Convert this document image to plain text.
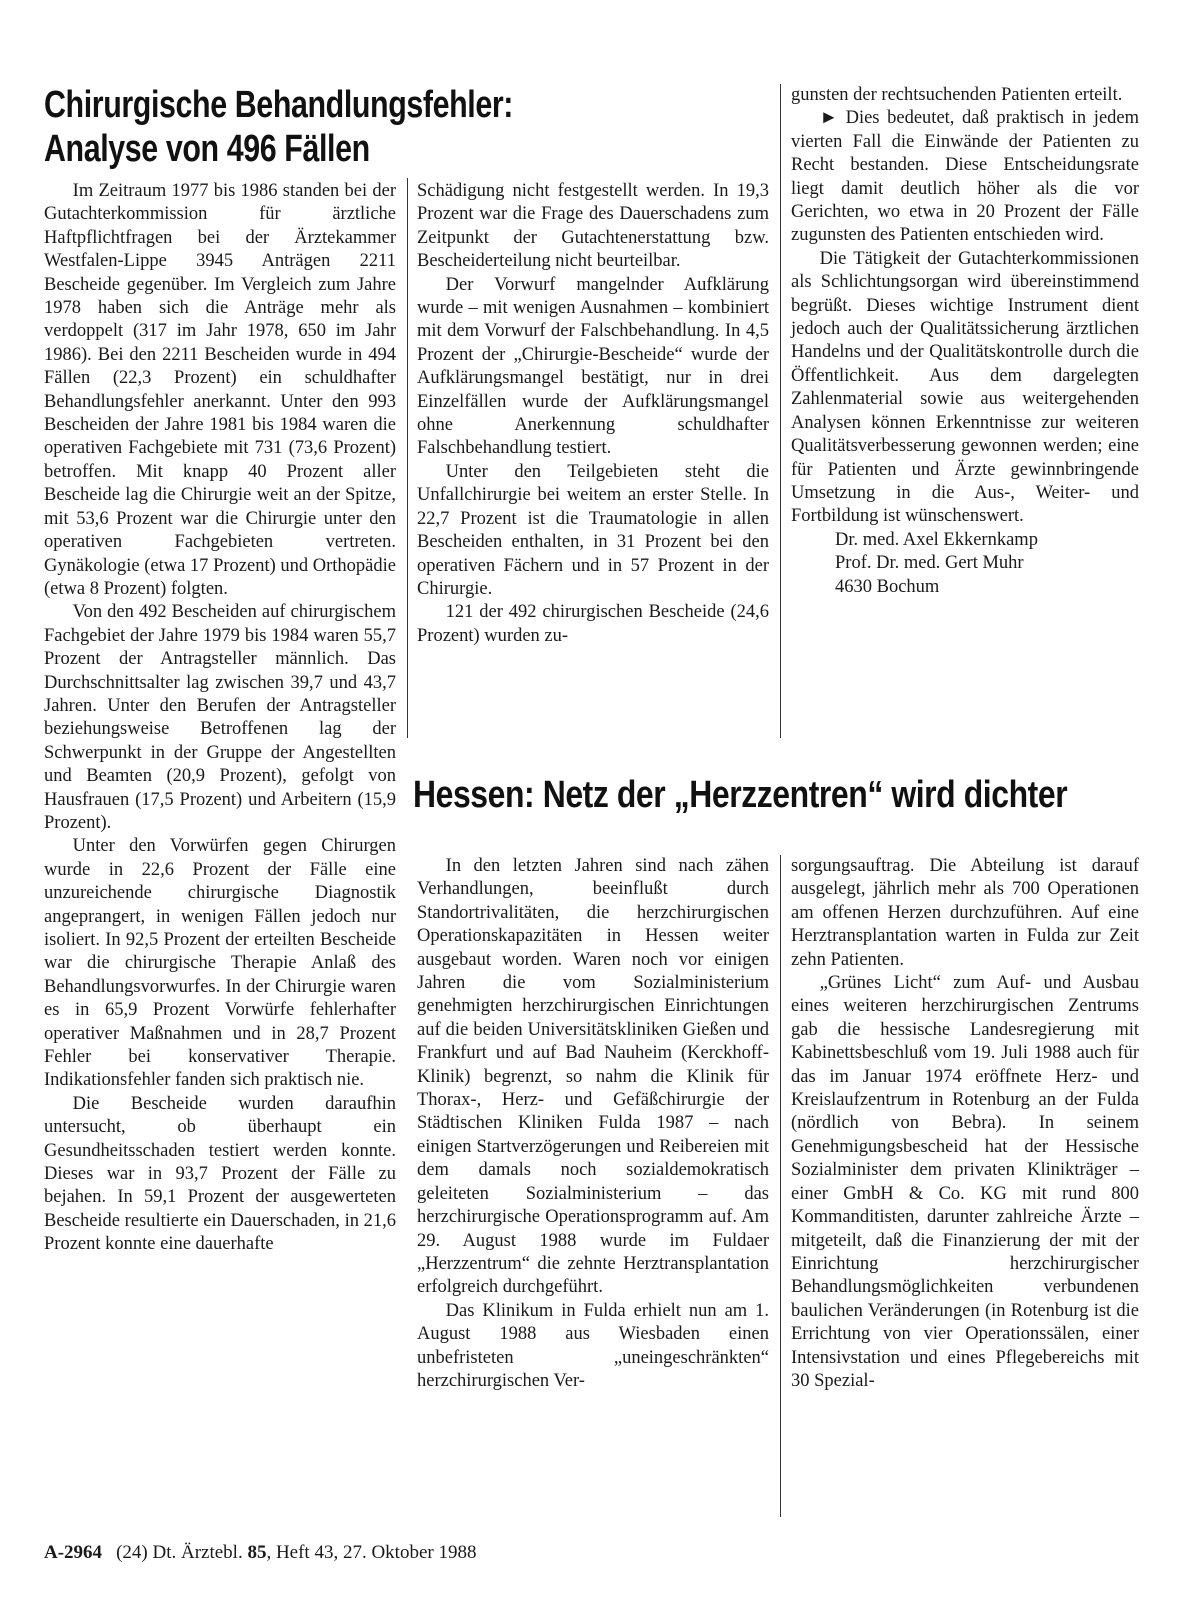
Chirurgische Behandlungsfehler:
Analyse von 496 Fällen

Im Zeitraum 1977 bis 1986 standen bei der Gutachterkommission für ärztliche Haftpflichtfragen bei der Ärztekammer Westfalen-Lippe 3945 Anträgen 2211 Bescheide gegenüber. Im Vergleich zum Jahre 1978 haben sich die Anträge mehr als verdoppelt (317 im Jahr 1978, 650 im Jahr 1986). Bei den 2211 Bescheiden wurde in 494 Fällen (22,3 Prozent) ein schuldhafter Behandlungsfehler anerkannt. Unter den 993 Bescheiden der Jahre 1981 bis 1984 waren die operativen Fachgebiete mit 731 (73,6 Prozent) betroffen. Mit knapp 40 Prozent aller Bescheide lag die Chirurgie weit an der Spitze, mit 53,6 Prozent war die Chirurgie unter den operativen Fachgebieten vertreten. Gynäkologie (etwa 17 Prozent) und Orthopädie (etwa 8 Prozent) folgten.

Von den 492 Bescheiden auf chirurgischem Fachgebiet der Jahre 1979 bis 1984 waren 55,7 Prozent der Antragsteller männlich. Das Durchschnittsalter lag zwischen 39,7 und 43,7 Jahren. Unter den Berufen der Antragsteller beziehungsweise Betroffenen lag der Schwerpunkt in der Gruppe der Angestellten und Beamten (20,9 Prozent), gefolgt von Hausfrauen (17,5 Prozent) und Arbeitern (15,9 Prozent).

Unter den Vorwürfen gegen Chirurgen wurde in 22,6 Prozent der Fälle eine unzureichende chirurgische Diagnostik angeprangert, in wenigen Fällen jedoch nur isoliert. In 92,5 Prozent der erteilten Bescheide war die chirurgische Therapie Anlaß des Behandlungsvorwurfes. In der Chirurgie waren es in 65,9 Prozent Vorwürfe fehlerhafter operativer Maßnahmen und in 28,7 Prozent Fehler bei konservativer Therapie. Indikationsfehler fanden sich praktisch nie.

Die Bescheide wurden daraufhin untersucht, ob überhaupt ein Gesundheitsschaden testiert werden konnte. Dieses war in 93,7 Prozent der Fälle zu bejahen. In 59,1 Prozent der ausgewerteten Bescheide resultierte ein Dauerschaden, in 21,6 Prozent konnte eine dauerhafte

Schädigung nicht festgestellt werden. In 19,3 Prozent war die Frage des Dauerschadens zum Zeitpunkt der Gutachtenerstattung bzw. Bescheiderteilung nicht beurteilbar.

Der Vorwurf mangelnder Aufklärung wurde – mit wenigen Ausnahmen – kombiniert mit dem Vorwurf der Falschbehandlung. In 4,5 Prozent der „Chirurgie-Bescheide“ wurde der Aufklärungsmangel bestätigt, nur in drei Einzelfällen wurde der Aufklärungsmangel ohne Anerkennung schuldhafter Falschbehandlung testiert.

Unter den Teilgebieten steht die Unfallchirurgie bei weitem an erster Stelle. In 22,7 Prozent ist die Traumatologie in allen Bescheiden enthalten, in 31 Prozent bei den operativen Fächern und in 57 Prozent in der Chirurgie.

121 der 492 chirurgischen Bescheide (24,6 Prozent) wurden zu-

gunsten der rechtsuchenden Patienten erteilt.

► Dies bedeutet, daß praktisch in jedem vierten Fall die Einwände der Patienten zu Recht bestanden. Diese Entscheidungsrate liegt damit deutlich höher als die vor Gerichten, wo etwa in 20 Prozent der Fälle zugunsten des Patienten entschieden wird.

Die Tätigkeit der Gutachterkommissionen als Schlichtungsorgan wird übereinstimmend begrüßt. Dieses wichtige Instrument dient jedoch auch der Qualitätssicherung ärztlichen Handelns und der Qualitätskontrolle durch die Öffentlichkeit. Aus dem dargelegten Zahlenmaterial sowie aus weitergehenden Analysen können Erkenntnisse zur weiteren Qualitätsverbesserung gewonnen werden; eine für Patienten und Ärzte gewinnbringende Umsetzung in die Aus-, Weiter- und Fortbildung ist wünschenswert.

Dr. med. Axel Ekkernkamp

Prof. Dr. med. Gert Muhr

4630 Bochum

Hessen: Netz der „Herzzentren“ wird dichter

In den letzten Jahren sind nach zähen Verhandlungen, beeinflußt durch Standortrivalitäten, die herzchirurgischen Operationskapazitäten in Hessen weiter ausgebaut worden. Waren noch vor einigen Jahren die vom Sozialministerium genehmigten herzchirurgischen Einrichtungen auf die beiden Universitätskliniken Gießen und Frankfurt und auf Bad Nauheim (Kerckhoff-Klinik) begrenzt, so nahm die Klinik für Thorax-, Herz- und Gefäßchirurgie der Städtischen Kliniken Fulda 1987 – nach einigen Startverzögerungen und Reibereien mit dem damals noch sozialdemokratisch geleiteten Sozialministerium – das herzchirurgische Operationsprogramm auf. Am 29. August 1988 wurde im Fuldaer „Herzzentrum“ die zehnte Herztransplantation erfolgreich durchgeführt.

Das Klinikum in Fulda erhielt nun am 1. August 1988 aus Wiesbaden einen unbefristeten „uneingeschränkten“ herzchirurgischen Ver-

sorgungsauftrag. Die Abteilung ist darauf ausgelegt, jährlich mehr als 700 Operationen am offenen Herzen durchzuführen. Auf eine Herztransplantation warten in Fulda zur Zeit zehn Patienten.

„Grünes Licht“ zum Auf- und Ausbau eines weiteren herzchirurgischen Zentrums gab die hessische Landesregierung mit Kabinettsbeschluß vom 19. Juli 1988 auch für das im Januar 1974 eröffnete Herz- und Kreislaufzentrum in Rotenburg an der Fulda (nördlich von Bebra). In seinem Genehmigungsbescheid hat der Hessische Sozialminister dem privaten Klinikträger – einer GmbH & Co. KG mit rund 800 Kommanditisten, darunter zahlreiche Ärzte – mitgeteilt, daß die Finanzierung der mit der Einrichtung herzchirurgischer Behandlungsmöglichkeiten verbundenen baulichen Veränderungen (in Rotenburg ist die Errichtung von vier Operationssälen, einer Intensivstation und eines Pflegebereichs mit 30 Spezial-

A-2964 (24) Dt. Ärztebl. 85, Heft 43, 27. Oktober 1988
